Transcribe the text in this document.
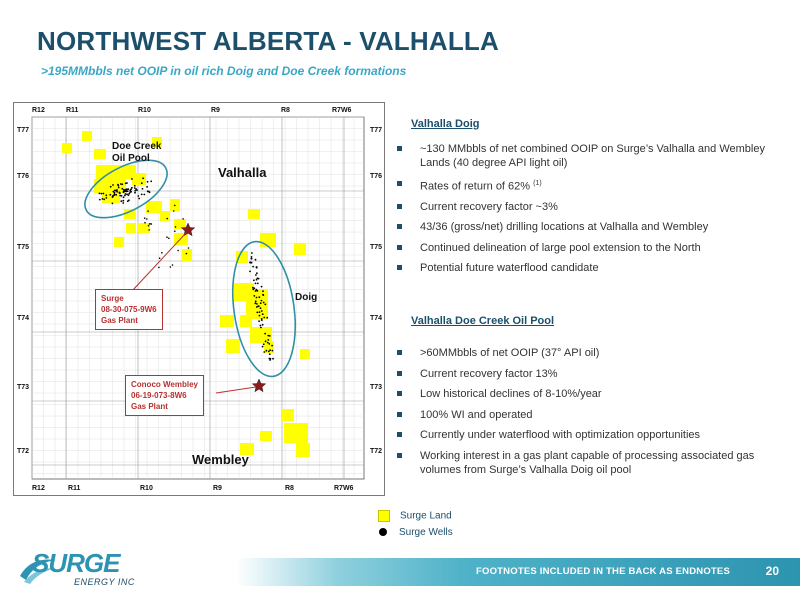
NORTHWEST ALBERTA - VALHALLA
>195MMbbls net OOIP in oil rich Doig and Doe Creek formations
R12	R11	R10	R9	R8	R7W6
R12	R11	R10	R9	R8	R7W6
T77
T76
T75
T74
T73
T72
T77
T76
T75
T74
T73
T72
Doe Creek
Oil Pool
Valhalla
Doig
Wembley
Surge
08-30-075-9W6
Gas Plant
Conoco Wembley
06-19-073-8W6
Gas Plant
Valhalla Doig
~130 MMbbls of net combined OOIP on Surge’s Valhalla and Wembley Lands (40 degree API light oil)
Rates of return of 62% $^{(1)}$
Current recovery factor ~3%
43/36 (gross/net) drilling locations at Valhalla and Wembley
Continued delineation of large pool extension to the North
Potential future waterflood candidate
Valhalla Doe Creek Oil Pool
>60MMbbls of net OOIP (37° API oil)
Current recovery factor 13%
Low historical declines of 8-10%/year
100% WI and operated
Currently under waterflood with optimization opportunities
Working interest in a gas plant capable of processing associated gas volumes from Surge’s Valhalla Doig oil pool
Surge Land
Surge Wells
SURGE
ENERGY INC
FOOTNOTES INCLUDED IN THE BACK AS ENDNOTES	20
